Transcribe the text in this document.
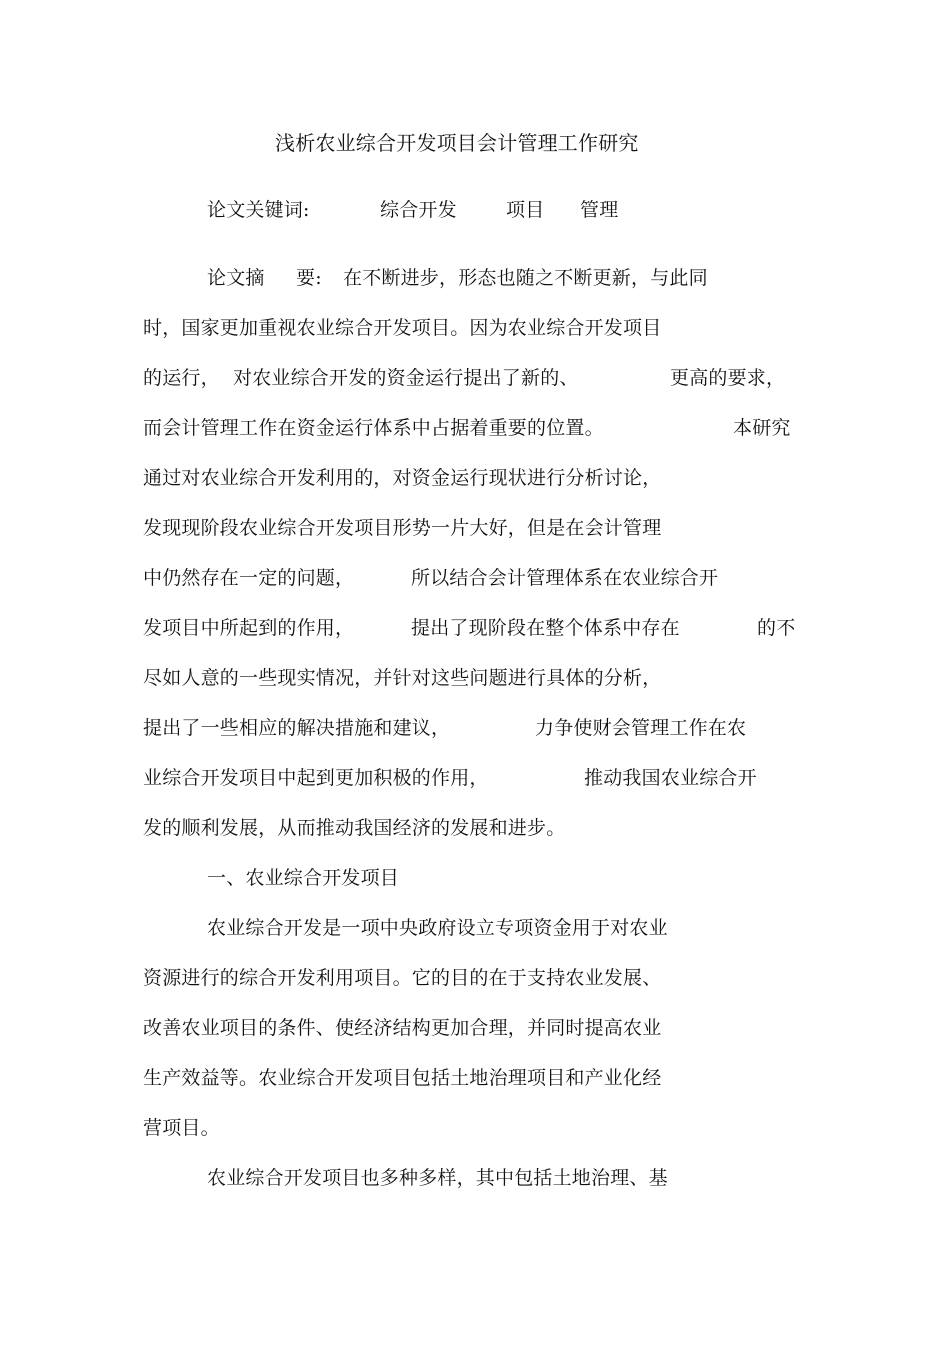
浅析农业综合开发项目会计管理工作研究
论文关键词:	综合开发	项目 管理
论文摘 要: 在不断进步，形态也随之不断更新，与此同
时，国家更加重视农业综合开发项目。因为农业综合开发项目
的运行， 对农业综合开发的资金运行提出了新的、	更高的要求，
而会计管理工作在资金运行体系中占据着重要的位置。	本研究
通过对农业综合开发利用的，对资金运行现状进行分析讨论，
发现现阶段农业综合开发项目形势一片大好，但是在会计管理
中仍然存在一定的问题，	所以结合会计管理体系在农业综合开
发项目中所起到的作用，	提出了现阶段在整个体系中存在	的不
尽如人意的一些现实情况，并针对这些问题进行具体的分析，
提出了一些相应的解决措施和建议，	力争使财会管理工作在农
业综合开发项目中起到更加积极的作用，	推动我国农业综合开
发的顺利发展，从而推动我国经济的发展和进步。
一、农业综合开发项目
农业综合开发是一项中央政府设立专项资金用于对农业
资源进行的综合开发利用项目。它的目的在于支持农业发展、
改善农业项目的条件、使经济结构更加合理，并同时提高农业
生产效益等。农业综合开发项目包括土地治理项目和产业化经
营项目。
农业综合开发项目也多种多样，其中包括土地治理、基
